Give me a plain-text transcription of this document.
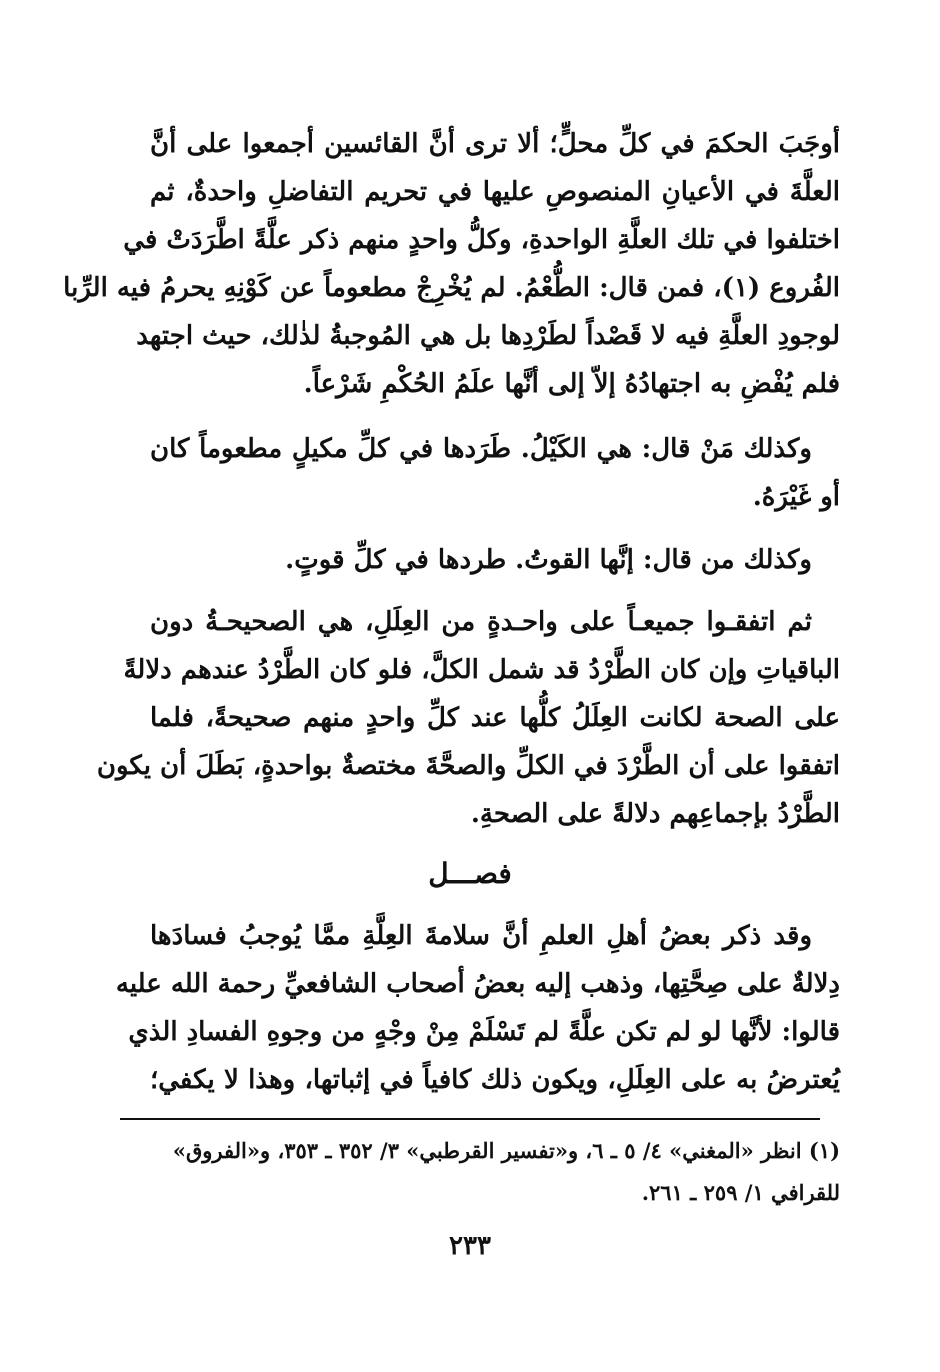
أوجَبَ الحكمَ في كلِّ محلٍّ؛ ألا ترى أنَّ القائسين أجمعوا على أنَّ
العلَّةَ في الأعيانِ المنصوصِ عليها في تحريم التفاضلِ واحدةٌ، ثم
اختلفوا في تلك العلَّةِ الواحدةِ، وكلُّ واحدٍ منهم ذكر علَّةً اطَّرَدَتْ في
الفُروع (١)، فمن قال: الطُّعْمُ. لم يُخْرِجْ مطعوماً عن كَوْنِهِ يحرمُ فيه الرِّبا
لوجودِ العلَّةِ فيه لا قَصْداً لطَرْدِها بل هي المُوجبةُ لذٰلك، حيث اجتهد
فلم يُفْضِ به اجتهادُهُ إلاّ إلى أنَّها علَمُ الحُكْمِ شَرْعاً.
وكذلك مَنْ قال: هي الكَيْلُ. طَرَدها في كلِّ مكيلٍ مطعوماً كان
أو غَيْرَهُ.
وكذلك من قال: إنَّها القوتُ. طردها في كلِّ قوتٍ.
ثم اتفقـوا جميعـاً على واحـدةٍ من العِلَلِ، هي الصحيحـةُ دون
الباقياتِ وإن كان الطَّرْدُ قد شمل الكلَّ، فلو كان الطَّرْدُ عندهم دلالةً
على الصحة لكانت العِلَلُ كلُّها عند كلِّ واحدٍ منهم صحيحةً، فلما
اتفقوا على أن الطَّرْدَ في الكلِّ والصحَّةَ مختصةٌ بواحدةٍ، بَطَلَ أن يكون
الطَّرْدُ بإجماعِهم دلالةً على الصحةِ.
فصـــل
وقد ذكر بعضُ أهلِ العلمِ أنَّ سلامةَ العِلَّةِ ممَّا يُوجبُ فسادَها
دِلالةٌ على صِحَّتِها، وذهب إليه بعضُ أصحاب الشافعيِّ رحمة الله عليه
قالوا: لأنَّها لو لم تكن علَّةً لم تَسْلَمْ مِنْ وجْهٍ من وجوهِ الفسادِ الذي
يُعترضُ به على العِلَلِ، ويكون ذلك كافياً في إثباتها، وهذا لا يكفي؛
(١) انظر «المغني» ٤/ ٥ ـ ٦، و«تفسير القرطبي» ٣/ ٣٥٢ ـ ٣٥٣، و«الفروق»
للقرافي ١/ ٢٥٩ ـ ٢٦١.
٢٣٣
